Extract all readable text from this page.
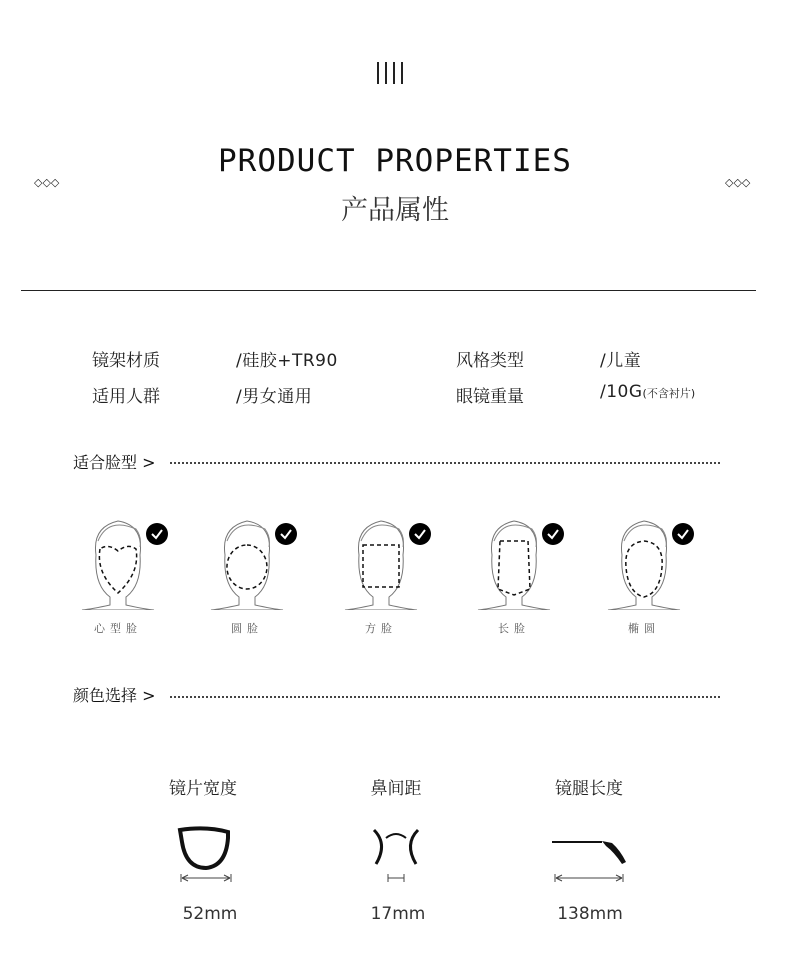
PRODUCT PROPERTIES
产品属性
◇◇◇	◇◇◇
镜架材质	/硅胶+TR90	风格类型	/儿童
适用人群	/男女通用	眼镜重量	/10G(不含衬片)
适合脸型 >
心型脸	圆脸	方脸	长脸	椭圆
颜色选择 >
镜片宽度	鼻间距	镜腿长度
52mm	17mm	138mm
